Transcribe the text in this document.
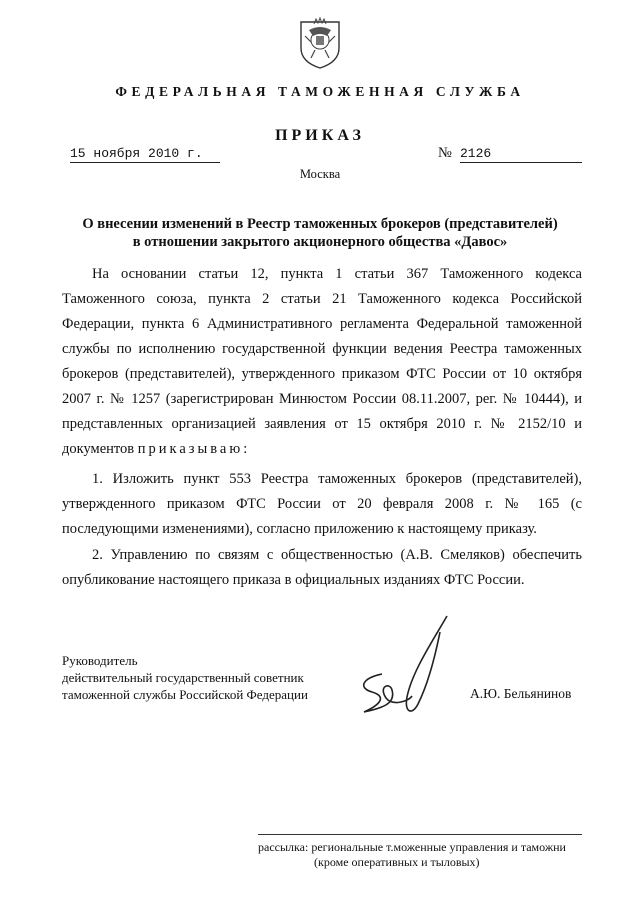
ФЕДЕРАЛЬНАЯ ТАМОЖЕННАЯ СЛУЖБА
ПРИКАЗ
15 ноября 2010 г.	№ 2126
Москва
О внесении изменений в Реестр таможенных брокеров (представителей)
в отношении закрытого акционерного общества «Давос»

На основании статьи 12, пункта 1 статьи 367 Таможенного кодекса Таможенного союза, пункта 2 статьи 21 Таможенного кодекса Российской Федерации, пункта 6 Административного регламента Федеральной таможенной службы по исполнению государственной функции ведения Реестра таможенных брокеров (представителей), утвержденного приказом ФТС России от 10 октября 2007 г. № 1257 (зарегистрирован Минюстом России 08.11.2007, рег. № 10444), и представленных организацией заявления от 15 октября 2010 г. № 2152/10 и документов приказываю:

1. Изложить пункт 553 Реестра таможенных брокеров (представителей), утвержденного приказом ФТС России от 20 февраля 2008 г. № 165 (с последующими изменениями), согласно приложению к настоящему приказу.

2. Управлению по связям с общественностью (А.В. Смеляков) обеспечить опубликование настоящего приказа в официальных изданиях ФТС России.

Руководитель
действительный государственный советник
таможенной службы Российской Федерации	А.Ю. Бельянинов
рассылка: региональные т.моженные управления и таможни
(кроме оперативных и тыловых)
